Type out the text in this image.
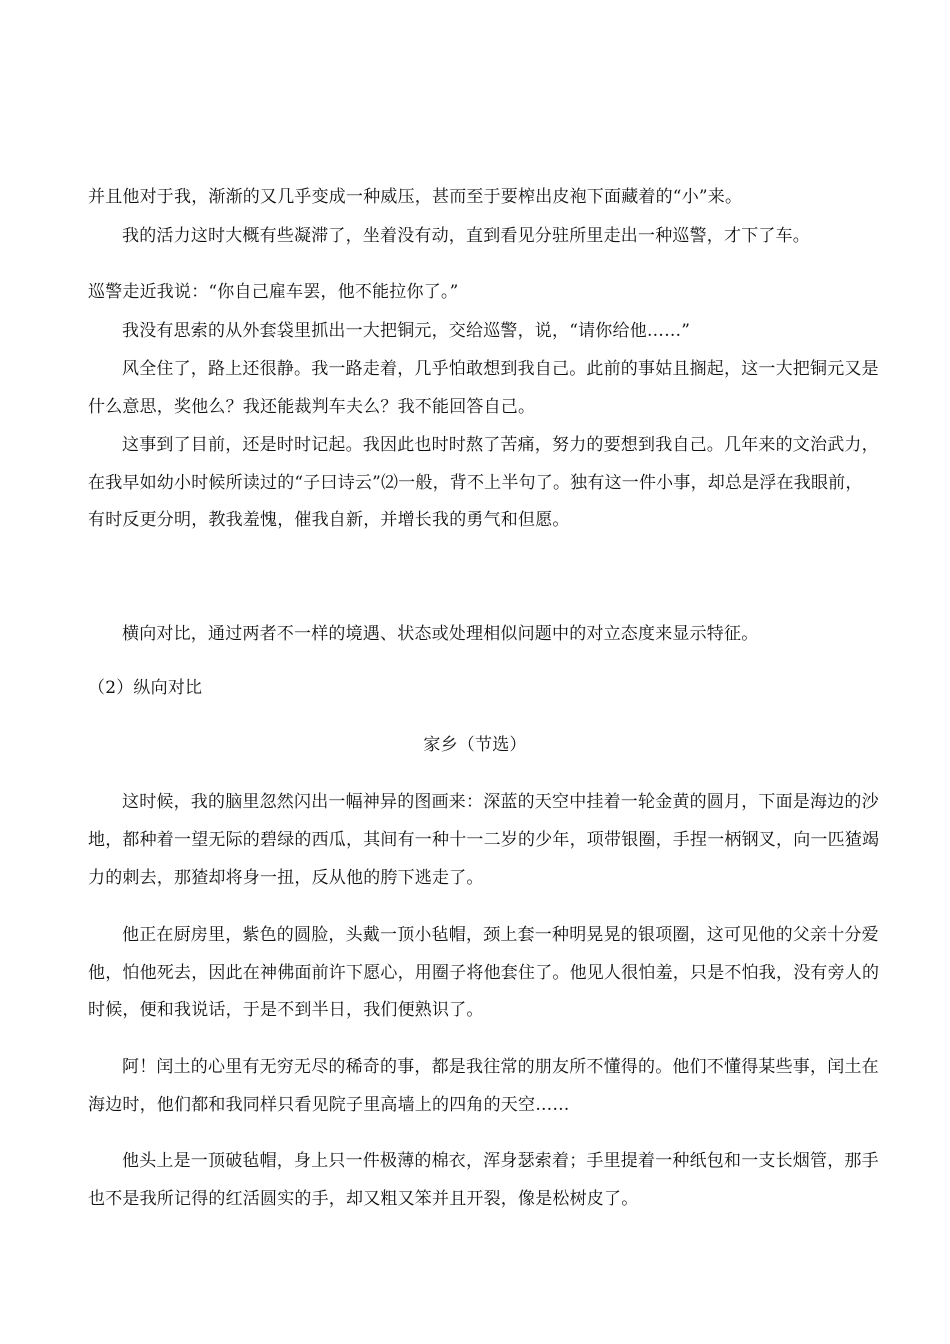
并且他对于我，渐渐的又几乎变成一种威压，甚而至于要榨出皮袍下面藏着的“小”来。
我的活力这时大概有些凝滞了，坐着没有动，直到看见分驻所里走出一种巡警，才下了车。
巡警走近我说：“你自己雇车罢，他不能拉你了。”
我没有思索的从外套袋里抓出一大把铜元，交给巡警，说，“请你给他……”
风全住了，路上还很静。我一路走着，几乎怕敢想到我自己。此前的事姑且搁起，这一大把铜元又是
什么意思，奖他么？我还能裁判车夫么？我不能回答自己。
这事到了目前，还是时时记起。我因此也时时熬了苦痛，努力的要想到我自己。几年来的文治武力，
在我早如幼小时候所读过的“子曰诗云”⑵一般，背不上半句了。独有这一件小事，却总是浮在我眼前，
有时反更分明，教我羞愧，催我自新，并增长我的勇气和但愿。
横向对比，通过两者不一样的境遇、状态或处理相似问题中的对立态度来显示特征。
（2）纵向对比
家乡（节选）
这时候，我的脑里忽然闪出一幅神异的图画来：深蓝的天空中挂着一轮金黄的圆月，下面是海边的沙
地，都种着一望无际的碧绿的西瓜，其间有一种十一二岁的少年，项带银圈，手捏一柄钢叉，向一匹猹竭
力的刺去，那猹却将身一扭，反从他的胯下逃走了。
他正在厨房里，紫色的圆脸，头戴一顶小毡帽，颈上套一种明晃晃的银项圈，这可见他的父亲十分爱
他，怕他死去，因此在神佛面前许下愿心，用圈子将他套住了。他见人很怕羞，只是不怕我，没有旁人的
时候，便和我说话，于是不到半日，我们便熟识了。
阿！闰土的心里有无穷无尽的稀奇的事，都是我往常的朋友所不懂得的。他们不懂得某些事，闰土在
海边时，他们都和我同样只看见院子里高墙上的四角的天空……
他头上是一顶破毡帽，身上只一件极薄的棉衣，浑身瑟索着；手里提着一种纸包和一支长烟管，那手
也不是我所记得的红活圆实的手，却又粗又笨并且开裂，像是松树皮了。
